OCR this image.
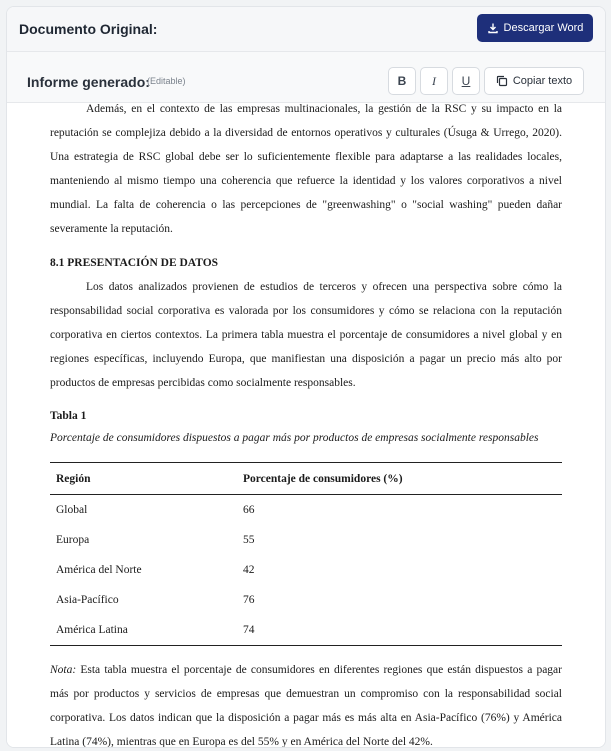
Documento Original:	Descargar Word
Informe generado:
(Editable)	B	I	U	Copiar texto

Además, en el contexto de las empresas multinacionales, la gestión de la RSC y su impacto en la reputación se complejiza debido a la diversidad de entornos operativos y culturales (Úsuga & Urrego, 2020). Una estrategia de RSC global debe ser lo suficientemente flexible para adaptarse a las realidades locales, manteniendo al mismo tiempo una coherencia que refuerce la identidad y los valores corporativos a nivel mundial. La falta de coherencia o las percepciones de "greenwashing" o "social washing" pueden dañar severamente la reputación.

8.1 PRESENTACIÓN DE DATOS

Los datos analizados provienen de estudios de terceros y ofrecen una perspectiva sobre cómo la responsabilidad social corporativa es valorada por los consumidores y cómo se relaciona con la reputación corporativa en ciertos contextos. La primera tabla muestra el porcentaje de consumidores a nivel global y en regiones específicas, incluyendo Europa, que manifiestan una disposición a pagar un precio más alto por productos de empresas percibidas como socialmente responsables.

Tabla 1

Porcentaje de consumidores dispuestos a pagar más por productos de empresas socialmente responsables

Región	Porcentaje de consumidores (%)
Global	66
Europa	55
América del Norte	42
Asia-Pacífico	76
América Latina	74

Nota: Esta tabla muestra el porcentaje de consumidores en diferentes regiones que están dispuestos a pagar más por productos y servicios de empresas que demuestran un compromiso con la responsabilidad social corporativa. Los datos indican que la disposición a pagar más es más alta en Asia-Pacífico (76%) y América Latina (74%), mientras que en Europa es del 55% y en América del Norte del 42%.
